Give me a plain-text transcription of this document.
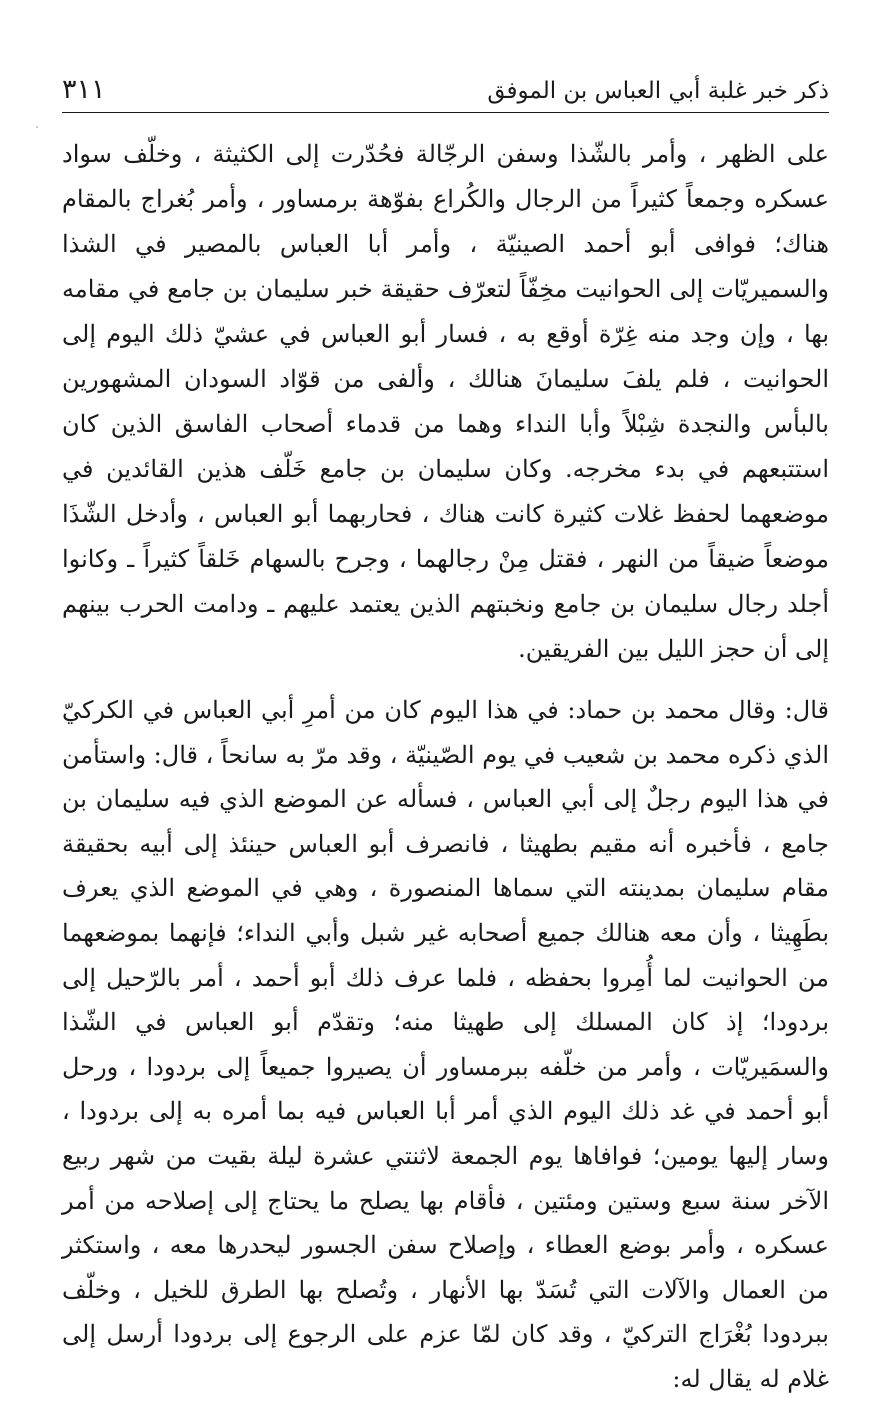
ذكر خبر غلبة أبي العباس بن الموفق
٣١١

على الظهر ، وأمر بالشّذا وسفن الرجّالة فحُدّرت إلى الكثيثة ، وخلّف سواد عسكره وجمعاً كثيراً من الرجال والكُراع بفوّهة برمساور ، وأمر بُغراج بالمقام هناك؛ فوافى أبو أحمد الصينيّة ، وأمر أبا العباس بالمصير في الشذا والسميريّات إلى الحوانيت مخِفّاً لتعرّف حقيقة خبر سليمان بن جامع في مقامه بها ، وإن وجد منه غِرّة أوقع به ، فسار أبو العباس في عشيّ ذلك اليوم إلى الحوانيت ، فلم يلفَ سليمانَ هنالك ، وألفى من قوّاد السودان المشهورين بالبأس والنجدة شِبْلاً وأبا النداء وهما من قدماء أصحاب الفاسق الذين كان استتبعهم في بدء مخرجه. وكان سليمان بن جامع خَلّف هذين القائدين في موضعهما لحفظ غلات كثيرة كانت هناك ، فحاربهما أبو العباس ، وأدخل الشّذَا موضعاً ضيقاً من النهر ، فقتل مِنْ رجالهما ، وجرح بالسهام خَلقاً كثيراً ـ وكانوا أجلد رجال سليمان بن جامع ونخبتهم الذين يعتمد عليهم ـ ودامت الحرب بينهم إلى أن حجز الليل بين الفريقين.

قال: وقال محمد بن حماد: في هذا اليوم كان من أمرِ أبي العباس في الكركيّ الذي ذكره محمد بن شعيب في يوم الصّينيّة ، وقد مرّ به سانحاً ، قال: واستأمن في هذا اليوم رجلٌ إلى أبي العباس ، فسأله عن الموضع الذي فيه سليمان بن جامع ، فأخبره أنه مقيم بطهيثا ، فانصرف أبو العباس حينئذ إلى أبيه بحقيقة مقام سليمان بمدينته التي سماها المنصورة ، وهي في الموضع الذي يعرف بطَهِيثا ، وأن معه هنالك جميع أصحابه غير شبل وأبي النداء؛ فإنهما بموضعهما من الحوانيت لما أُمِروا بحفظه ، فلما عرف ذلك أبو أحمد ، أمر بالرّحيل إلى بردودا؛ إذ كان المسلك إلى طهيثا منه؛ وتقدّم أبو العباس في الشّذا والسمَيريّات ، وأمر من خلّفه ببرمساور أن يصيروا جميعاً إلى بردودا ، ورحل أبو أحمد في غد ذلك اليوم الذي أمر أبا العباس فيه بما أمره به إلى بردودا ، وسار إليها يومين؛ فوافاها يوم الجمعة لاثنتي عشرة ليلة بقيت من شهر ربيع الآخر سنة سبع وستين ومئتين ، فأقام بها يصلح ما يحتاج إلى إصلاحه من أمر عسكره ، وأمر بوضع العطاء ، وإصلاح سفن الجسور ليحدرها معه ، واستكثر من العمال والآلات التي تُسَدّ بها الأنهار ، وتُصلح بها الطرق للخيل ، وخلّف ببردودا بُغْرَاج التركيّ ، وقد كان لمّا عزم على الرجوع إلى بردودا أرسل إلى غلام له يقال له:
